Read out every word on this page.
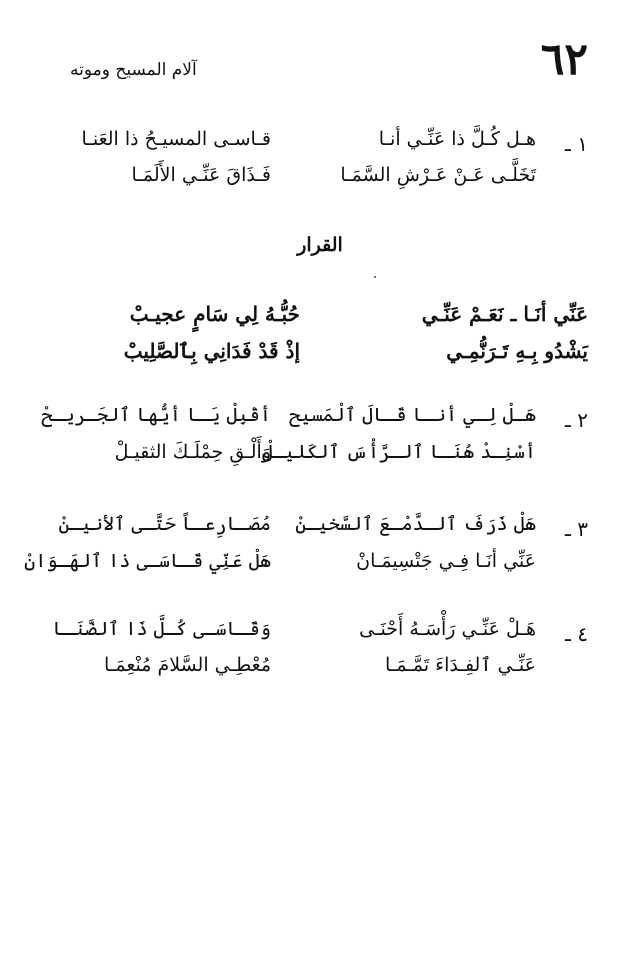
٦٢
آلام المسيح وموته
١ ـ
هـل كُـلَّ ذا عَنِّـي أنـا
قـاسـى المسيـحُ ذا العَنـا
تَخَلَّـى عَـنْ عَـرْشِ السَّمَـا
فَـذَاقَ عَنِّـي الأَلَمَـا
القرار
عَنِّي أنَـا ـ نَعَـمْ عَنِّـي
حُبُّـهُ لِي سَامٍ عجيـبْ
يَشْدُو بِـهِ تَـرَنُّمِـي
إذْ قَدْ فَدَانِي بِٱلصَّلِيبْ
٢ ـ
هَـلْ لِـي أنـا قَـالَ ٱلْمَسيح
أقْبِلْ يَـا أيُّها ٱلجَـريـحْ
أسْنِـدْ هُنَـا ٱلـرَّأْسَ ٱلكَليـلْ
وَأَلْـقِ حِمْلَـكَ الثقيـلْ
٣ ـ
هَلْ ذَرَفَ ٱلـدَّمْـعَ ٱلسَّخيـنْ
مُصَـارِعـاً حَتَّـى ٱلأنيـنْ
عَنِّي أنَـا فِـي جَتْسِيمَـانْ
هَلْ عَنِّي قَـاسَـى ذا ٱلهَـوَانْ
٤ ـ
هَـلْ عَنِّـي رَأْسَـهُ أَحْنَـى
وَقَـاسَـى كُـلَّ ذَا ٱلضَّنَـا
عَنِّـي ٱلفِـدَاءَ تَمَّـمَـا
مُعْطِـي السَّلامَ مُنْعِمَـا
